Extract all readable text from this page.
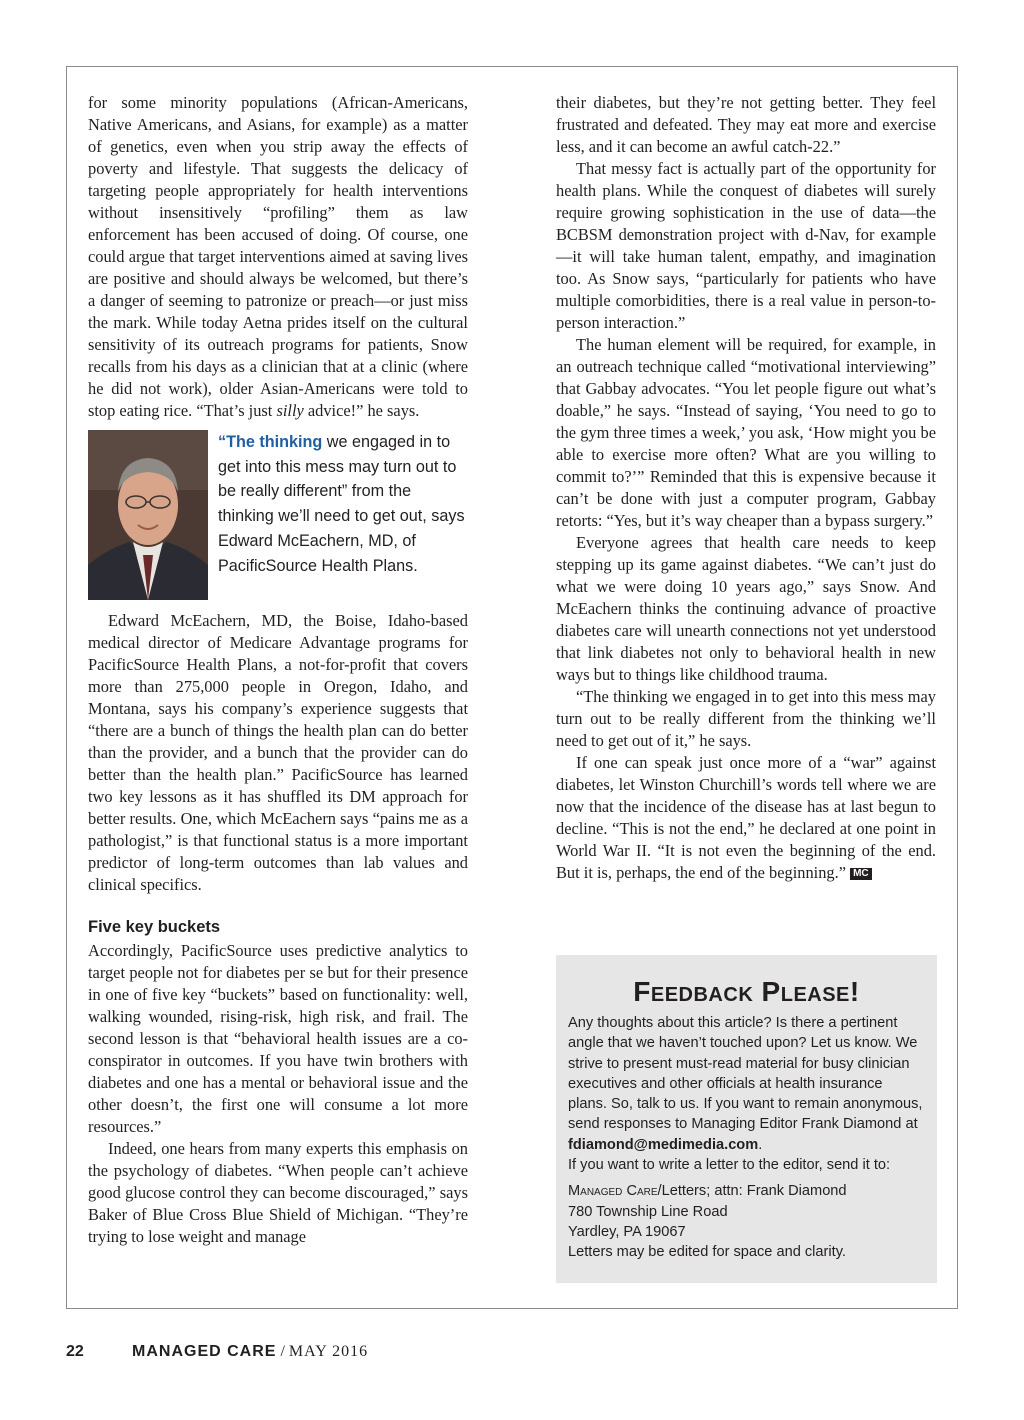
for some minority populations (African-Americans, Native Americans, and Asians, for example) as a matter of genetics, even when you strip away the effects of poverty and lifestyle. That suggests the delicacy of targeting people appropriately for health interventions without insensitively “profiling” them as law enforcement has been accused of doing. Of course, one could argue that target interventions aimed at saving lives are positive and should always be welcomed, but there’s a danger of seeming to patronize or preach—or just miss the mark. While today Aetna prides itself on the cultural sensitivity of its outreach programs for patients, Snow recalls from his days as a clinician that at a clinic (where he did not work), older Asian-Americans were told to stop eating rice. “That’s just silly advice!” he says.

“The thinking we engaged in to get into this mess may turn out to be really different” from the thinking we’ll need to get out, says Edward McEachern, MD, of PacificSource Health Plans.

Edward McEachern, MD, the Boise, Idaho-based medical director of Medicare Advantage programs for PacificSource Health Plans, a not-for-profit that covers more than 275,000 people in Oregon, Idaho, and Montana, says his company’s experience suggests that “there are a bunch of things the health plan can do better than the provider, and a bunch that the provider can do better than the health plan.” PacificSource has learned two key lessons as it has shuffled its DM approach for better results. One, which McEachern says “pains me as a pathologist,” is that functional status is a more important predictor of long-term outcomes than lab values and clinical specifics.

Five key buckets

Accordingly, PacificSource uses predictive analytics to target people not for diabetes per se but for their presence in one of five key “buckets” based on functionality: well, walking wounded, rising-risk, high risk, and frail. The second lesson is that “behavioral health issues are a co-conspirator in outcomes. If you have twin brothers with diabetes and one has a mental or behavioral issue and the other doesn’t, the first one will consume a lot more resources.”

Indeed, one hears from many experts this emphasis on the psychology of diabetes. “When people can’t achieve good glucose control they can become discouraged,” says Baker of Blue Cross Blue Shield of Michigan. “They’re trying to lose weight and manage

their diabetes, but they’re not getting better. They feel frustrated and defeated. They may eat more and exercise less, and it can become an awful catch-22.”

That messy fact is actually part of the opportunity for health plans. While the conquest of diabetes will surely require growing sophistication in the use of data—the BCBSM demonstration project with d-Nav, for example—it will take human talent, empathy, and imagination too. As Snow says, “particularly for patients who have multiple comorbidities, there is a real value in person-to-person interaction.”

The human element will be required, for example, in an outreach technique called “motivational interviewing” that Gabbay advocates. “You let people figure out what’s doable,” he says. “Instead of saying, ‘You need to go to the gym three times a week,’ you ask, ‘How might you be able to exercise more often? What are you willing to commit to?’” Reminded that this is expensive because it can’t be done with just a computer program, Gabbay retorts: “Yes, but it’s way cheaper than a bypass surgery.”

Everyone agrees that health care needs to keep stepping up its game against diabetes. “We can’t just do what we were doing 10 years ago,” says Snow. And McEachern thinks the continuing advance of proactive diabetes care will unearth connections not yet understood that link diabetes not only to behavioral health in new ways but to things like childhood trauma.

“The thinking we engaged in to get into this mess may turn out to be really different from the thinking we’ll need to get out of it,” he says.

If one can speak just once more of a “war” against diabetes, let Winston Churchill’s words tell where we are now that the incidence of the disease has at last begun to decline. “This is not the end,” he declared at one point in World War II. “It is not even the beginning of the end. But it is, perhaps, the end of the beginning.” MC

Feedback Please!

Any thoughts about this article? Is there a pertinent angle that we haven’t touched upon? Let us know. We strive to present must-read material for busy clinician executives and other officials at health insurance plans. So, talk to us. If you want to remain anonymous, send responses to Managing Editor Frank Diamond at fdiamond@medimedia.com.

If you want to write a letter to the editor, send it to:

Managed Care/Letters; attn: Frank Diamond

780 Township Line Road

Yardley, PA 19067

Letters may be edited for space and clarity.

22	MANAGED CARE / MAY 2016
